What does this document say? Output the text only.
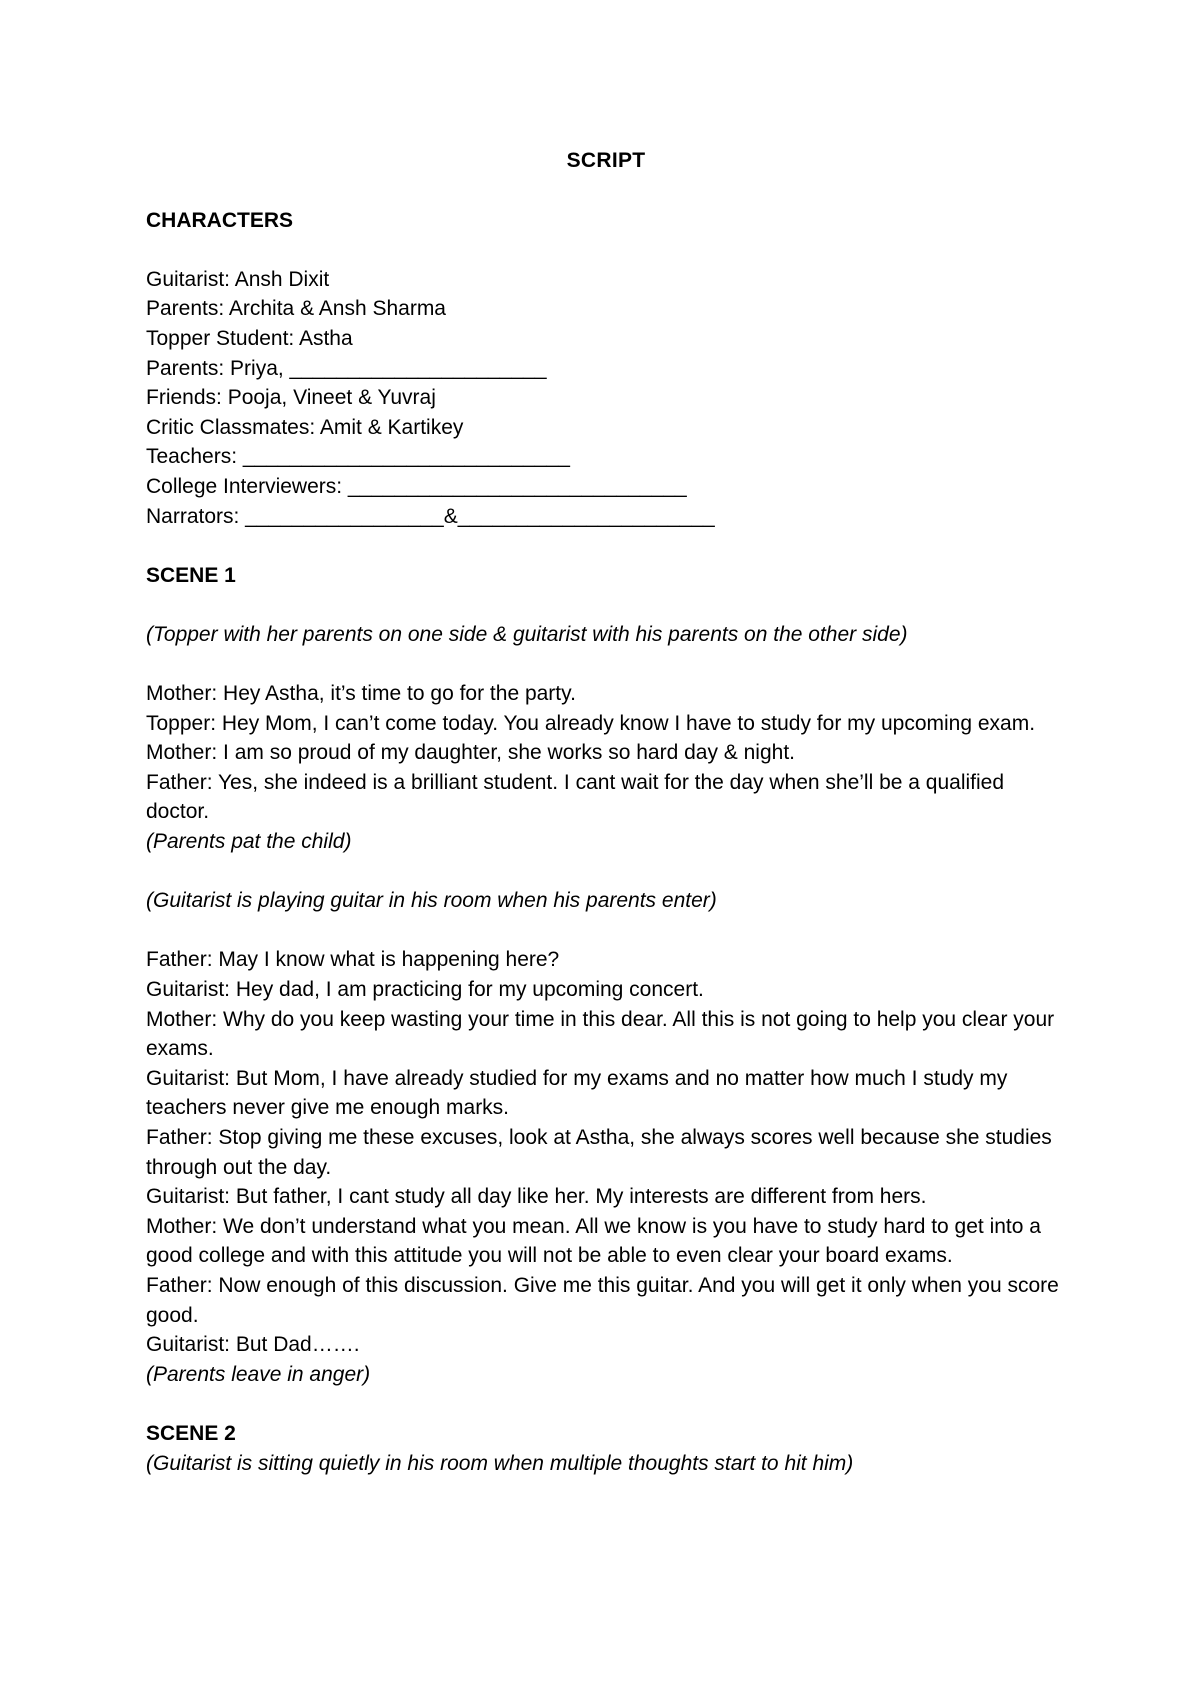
SCRIPT

CHARACTERS

Guitarist: Ansh Dixit

Parents: Archita & Ansh Sharma

Topper Student: Astha

Parents: Priya, ______________________

Friends: Pooja, Vineet & Yuvraj

Critic Classmates: Amit & Kartikey

Teachers: ____________________________

College Interviewers: _____________________________

Narrators: _________________&______________________

SCENE 1

(Topper with her parents on one side & guitarist with his parents on the other side)

Mother: Hey Astha, it’s time to go for the party.

Topper: Hey Mom, I can’t come today. You already know I have to study for my upcoming exam.

Mother: I am so proud of my daughter, she works so hard day & night.

Father: Yes, she indeed is a brilliant student. I cant wait for the day when she’ll be a qualified doctor.

(Parents pat the child)

(Guitarist is playing guitar in his room when his parents enter)

Father: May I know what is happening here?

Guitarist: Hey dad, I am practicing for my upcoming concert.

Mother: Why do you keep wasting your time in this dear. All this is not going to help you clear your exams.

Guitarist: But Mom, I have already studied for my exams and no matter how much I study my teachers never give me enough marks.

Father: Stop giving me these excuses, look at Astha, she always scores well because she studies through out the day.

Guitarist: But father, I cant study all day like her. My interests are different from hers.

Mother: We don’t understand what you mean. All we know is you have to study hard to get into a good college and with this attitude you will not be able to even clear your board exams.

Father: Now enough of this discussion. Give me this guitar. And you will get it only when you score good.

Guitarist: But Dad…….

(Parents leave in anger)

SCENE 2

(Guitarist is sitting quietly in his room when multiple thoughts start to hit him)
